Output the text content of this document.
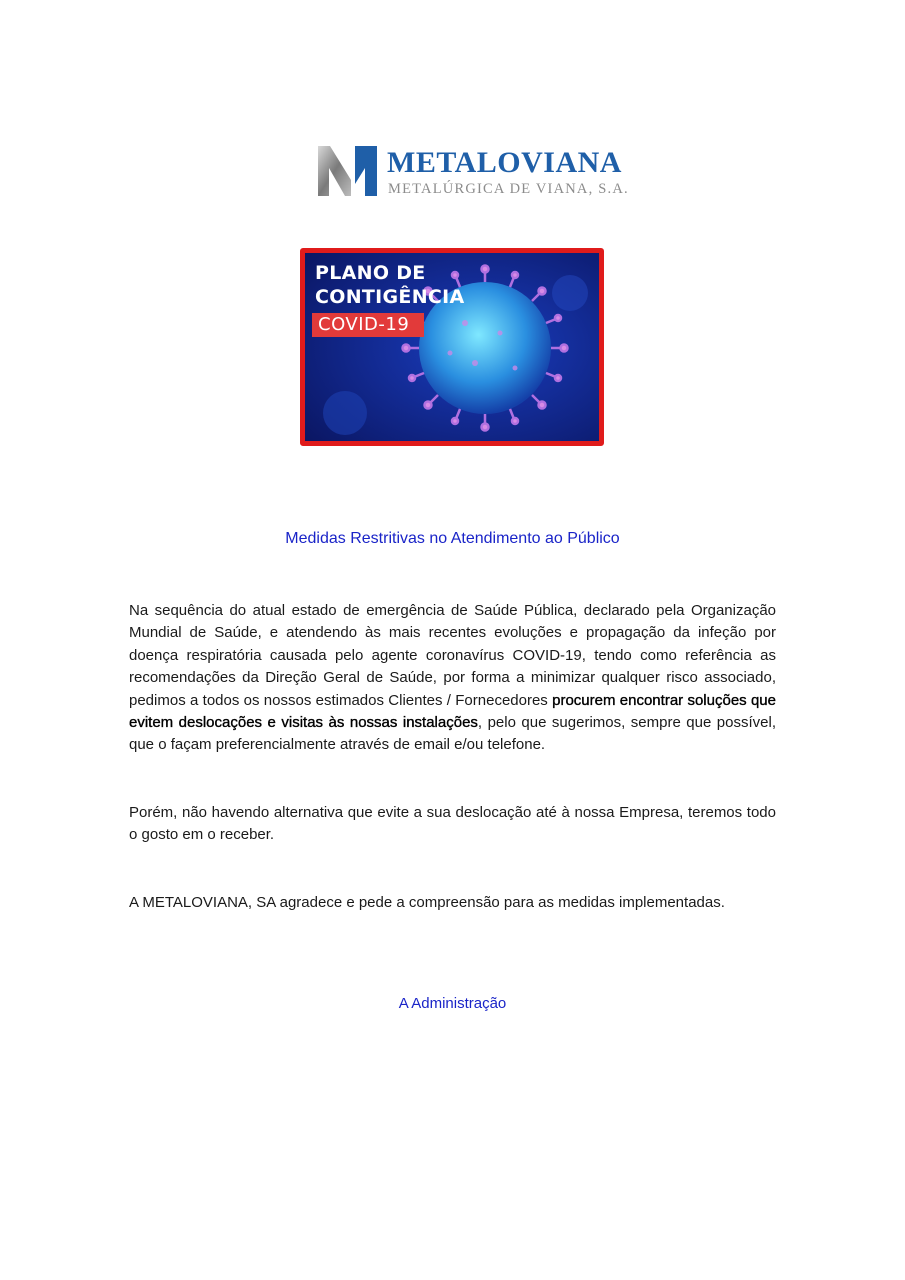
METALOVIANA
METALÚRGICA DE VIANA, S.A.
PLANO DE
CONTIGÊNCIA
COVID-19
Medidas Restritivas no Atendimento ao Público
Na sequência do atual estado de emergência de Saúde Pública, declarado pela Organização Mundial de Saúde, e atendendo às mais recentes evoluções e propagação da infeção por doença respiratória causada pelo agente coronavírus COVID-19, tendo como referência as recomendações da Direção Geral de Saúde, por forma a minimizar qualquer risco associado, pedimos a todos os nossos estimados Clientes / Fornecedores procurem encontrar soluções que evitem deslocações e visitas às nossas instalações, pelo que sugerimos, sempre que possível, que o façam preferencialmente através de email e/ou telefone.
Porém, não havendo alternativa que evite a sua deslocação até à nossa Empresa, teremos todo o gosto em o receber.
A METALOVIANA, SA agradece e pede a compreensão para as medidas implementadas.
A Administração
